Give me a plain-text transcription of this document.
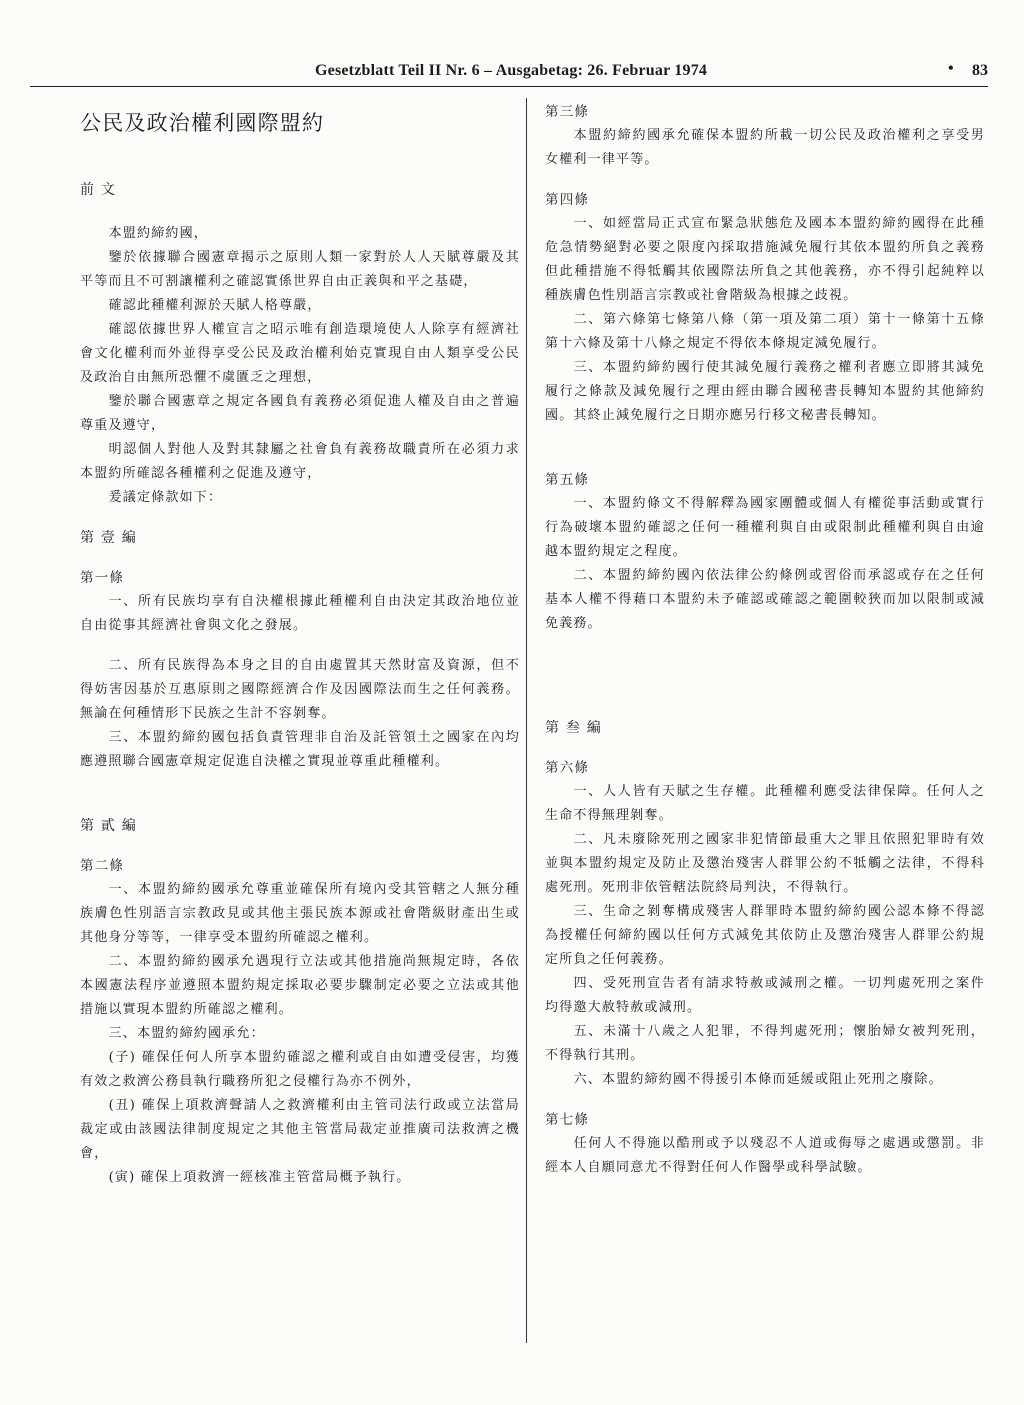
Gesetzblatt Teil II Nr. 6 – Ausgabetag: 26. Februar 1974	• 83

公民及政治權利國際盟約

前 文

本盟約締約國，

鑒於依據聯合國憲章揭示之原則人類一家對於人人天賦尊嚴及其平等而且不可割讓權利之確認實係世界自由正義與和平之基礎，

確認此種權利源於天賦人格尊嚴，

確認依據世界人權宣言之昭示唯有創造環境使人人除享有經濟社會文化權利而外並得享受公民及政治權利始克實現自由人類享受公民及政治自由無所恐懼不虞匱乏之理想，

鑒於聯合國憲章之規定各國負有義務必須促進人權及自由之普遍尊重及遵守，

明認個人對他人及對其隸屬之社會負有義務故職責所在必須力求本盟約所確認各種權利之促進及遵守，

爰議定條款如下：

第 壹 編

第一條

一、所有民族均享有自決權根據此種權利自由決定其政治地位並自由從事其經濟社會與文化之發展。

二、所有民族得為本身之目的自由處置其天然財富及資源，但不得妨害因基於互惠原則之國際經濟合作及因國際法而生之任何義務。無論在何種情形下民族之生計不容剝奪。

三、本盟約締約國包括負責管理非自治及託管領土之國家在內均應遵照聯合國憲章規定促進自決權之實現並尊重此種權利。

第 貳 編

第二條

一、本盟約締約國承允尊重並確保所有境內受其管轄之人無分種族膚色性別語言宗教政見或其他主張民族本源或社會階級財產出生或其他身分等等，一律享受本盟約所確認之權利。

二、本盟約締約國承允遇現行立法或其他措施尚無規定時，各依本國憲法程序並遵照本盟約規定採取必要步驟制定必要之立法或其他措施以實現本盟約所確認之權利。

三、本盟約締約國承允：

(子) 確保任何人所享本盟約確認之權利或自由如遭受侵害，均獲有效之救濟公務員執行職務所犯之侵權行為亦不例外，

(丑) 確保上項救濟聲請人之救濟權利由主管司法行政或立法當局裁定或由該國法律制度規定之其他主管當局裁定並推廣司法救濟之機會，

(寅) 確保上項救濟一經核准主管當局概予執行。

第三條

本盟約締約國承允確保本盟約所載一切公民及政治權利之享受男女權利一律平等。

第四條

一、如經當局正式宣布緊急狀態危及國本本盟約締約國得在此種危急情勢絕對必要之限度內採取措施減免履行其依本盟約所負之義務但此種措施不得牴觸其依國際法所負之其他義務，亦不得引起純粹以種族膚色性別語言宗教或社會階級為根據之歧視。

二、第六條第七條第八條（第一項及第二項）第十一條第十五條第十六條及第十八條之規定不得依本條規定減免履行。

三、本盟約締約國行使其減免履行義務之權利者應立即將其減免履行之條款及減免履行之理由經由聯合國秘書長轉知本盟約其他締約國。其終止減免履行之日期亦應另行移文秘書長轉知。

第五條

一、本盟約條文不得解釋為國家團體或個人有權從事活動或實行行為破壞本盟約確認之任何一種權利與自由或限制此種權利與自由逾越本盟約規定之程度。

二、本盟約締約國內依法律公約條例或習俗而承認或存在之任何基本人權不得藉口本盟約未予確認或確認之範圍較狹而加以限制或減免義務。

第 叁 編

第六條

一、人人皆有天賦之生存權。此種權利應受法律保障。任何人之生命不得無理剝奪。

二、凡未廢除死刑之國家非犯情節最重大之罪且依照犯罪時有效並與本盟約規定及防止及懲治殘害人群罪公約不牴觸之法律，不得科處死刑。死刑非依管轄法院終局判決，不得執行。

三、生命之剝奪構成殘害人群罪時本盟約締約國公認本條不得認為授權任何締約國以任何方式減免其依防止及懲治殘害人群罪公約規定所負之任何義務。

四、受死刑宣告者有請求特赦或減刑之權。一切判處死刑之案件均得邀大赦特赦或減刑。

五、未滿十八歲之人犯罪，不得判處死刑；懷胎婦女被判死刑，不得執行其刑。

六、本盟約締約國不得援引本條而延緩或阻止死刑之廢除。

第七條

任何人不得施以酷刑或予以殘忍不人道或侮辱之處遇或懲罰。非經本人自願同意尤不得對任何人作醫學或科學試驗。
